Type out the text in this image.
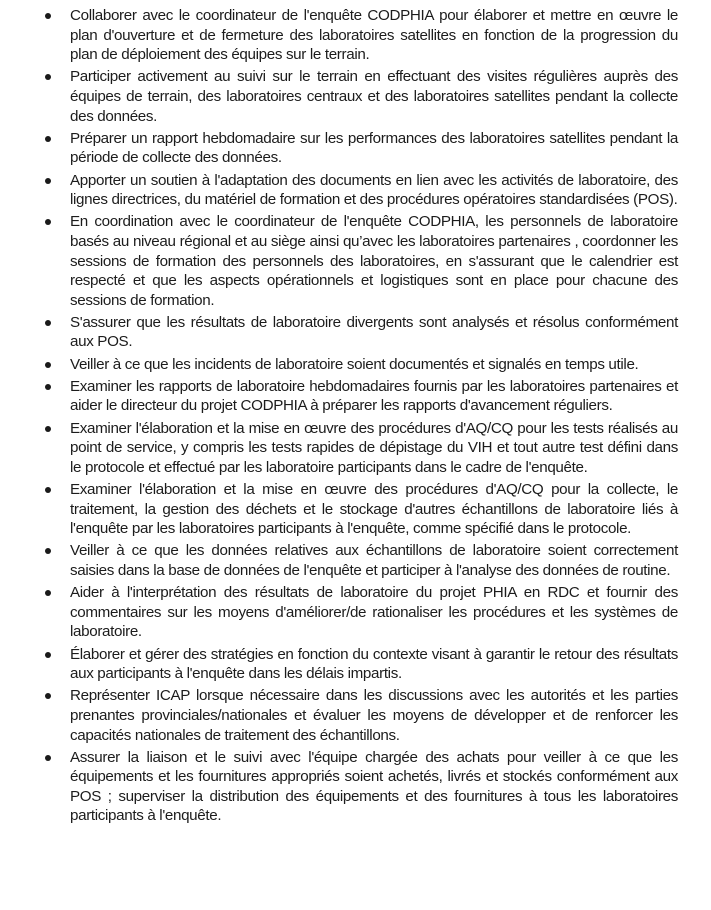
Collaborer avec le coordinateur de l'enquête CODPHIA pour élaborer et mettre en œuvre le plan d'ouverture et de fermeture des laboratoires satellites en fonction de la progression du plan de déploiement des équipes sur le terrain.
Participer activement au suivi sur le terrain en effectuant des visites régulières auprès des équipes de terrain, des laboratoires centraux et des laboratoires satellites pendant la collecte des données.
Préparer un rapport hebdomadaire sur les performances des laboratoires satellites pendant la période de collecte des données.
Apporter un soutien à l'adaptation des documents en lien avec les activités de laboratoire, des lignes directrices, du matériel de formation et des procédures opératoires standardisées (POS).
En coordination avec le coordinateur de l'enquête CODPHIA, les personnels de laboratoire basés au niveau régional et au siège ainsi qu’avec les laboratoires partenaires , coordonner les sessions de formation des personnels des laboratoires, en s'assurant que le calendrier est respecté et que les aspects opérationnels et logistiques sont en place pour chacune des sessions de formation.
S'assurer que les résultats de laboratoire divergents sont analysés et résolus conformément aux POS.
Veiller à ce que les incidents de laboratoire soient documentés et signalés en temps utile.
Examiner les rapports de laboratoire hebdomadaires fournis par les laboratoires partenaires et aider le directeur du projet CODPHIA à préparer les rapports d'avancement réguliers.
Examiner l'élaboration et la mise en œuvre des procédures d'AQ/CQ pour les tests réalisés au point de service, y compris les tests rapides de dépistage du VIH et tout autre test défini dans le protocole et effectué par les laboratoire participants dans le cadre de l'enquête.
Examiner l'élaboration et la mise en œuvre des procédures d'AQ/CQ pour la collecte, le traitement, la gestion des déchets et le stockage d'autres échantillons de laboratoire liés à l'enquête par les laboratoires participants à l'enquête, comme spécifié dans le protocole.
Veiller à ce que les données relatives aux échantillons de laboratoire soient correctement saisies dans la base de données de l'enquête et participer à l'analyse des données de routine.
Aider à l'interprétation des résultats de laboratoire du projet PHIA en RDC et fournir des commentaires sur les moyens d'améliorer/de rationaliser les procédures et les systèmes de laboratoire.
Élaborer et gérer des stratégies en fonction du contexte visant à garantir le retour des résultats aux participants à l'enquête dans les délais impartis.
Représenter ICAP lorsque nécessaire dans les discussions avec les autorités et les parties prenantes provinciales/nationales et évaluer les moyens de développer et de renforcer les capacités nationales de traitement des échantillons.
Assurer la liaison et le suivi avec l'équipe chargée des achats pour veiller à ce que les équipements et les fournitures appropriés soient achetés, livrés et stockés conformément aux POS ; superviser la distribution des équipements et des fournitures à tous les laboratoires participants à l'enquête.
